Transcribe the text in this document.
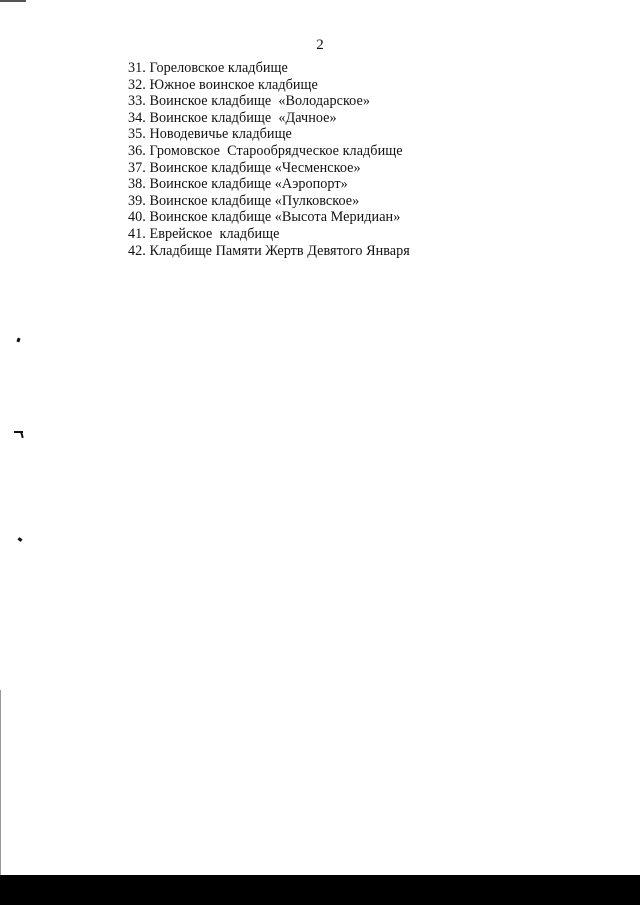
2
31. Гореловское кладбище
32. Южное воинское кладбище
33. Воинское кладбище  «Володарское»
34. Воинское кладбище  «Дачное»
35. Новодевичье кладбище
36. Громовское  Старообрядческое кладбище
37. Воинское кладбище «Чесменское»
38. Воинское кладбище «Аэропорт»
39. Воинское кладбище «Пулковское»
40. Воинское кладбище «Высота Меридиан»
41. Еврейское  кладбище
42. Кладбище Памяти Жертв Девятого Января
